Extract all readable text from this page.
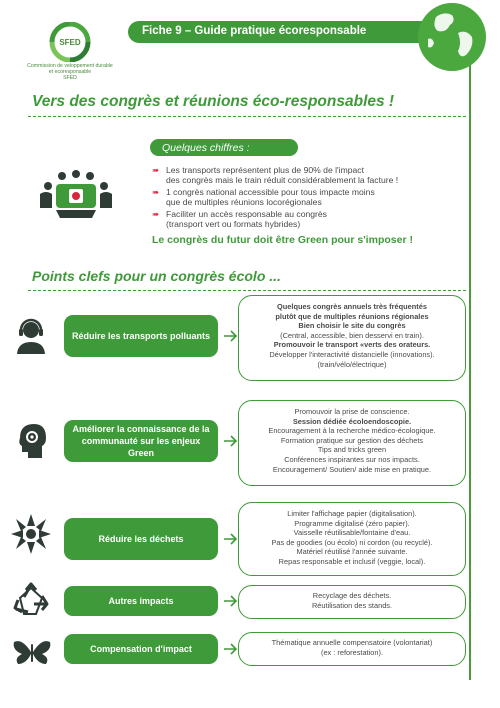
Fiche 9 – Guide pratique écoresponsable
SFED
Commission de veloppement durable
et ecoresponsable
SFED
Vers des congrès et réunions éco-responsables !
Quelques chiffres :
➠ Les transports représentent plus de 90% de l'impact
des congrès mais le train réduit considérablement la facture !
➠ 1 congrès national accessible pour tous impacte moins
que de multiples réunions locorégionales
➠ Faciliter un accès responsable au congrès
(transport vert ou formats hybrides)
Le congrès du futur doit être Green pour s'imposer !
Points clefs pour un congrès écolo ...
Réduire les transports polluants
Quelques congrès annuels très fréquentés
plutôt que de multiples réunions régionales
Bien choisir le site du congrès
(Central, accessible, bien desservi en train).
Promouvoir le transport «verts des orateurs.
Développer l'interactivité distancielle (innovations).
(train/vélo/électrique)
Améliorer la connaissance de la communauté sur les enjeux Green
Promouvoir la prise de conscience.
Session dédiée écoloendoscopie.
Encouragement à la recherche médico-écologique.
Formation pratique sur gestion des déchets
Tips and tricks green
Conférences inspirantes sur nos impacts.
Encouragement/ Soutien/ aide mise en pratique.
Réduire les déchets
Limiter l'affichage papier (digitalisation).
Programme digitalisé (zéro papier).
Vaisselle réutilisable/fontaine d'eau.
Pas de goodies (ou écolo) ni cordon (ou recyclé).
Matériel réutilisé l'année suivante.
Repas responsable et inclusif (veggie, local).
Autres impacts
Recyclage des déchets.
Réutilisation des stands.
Compensation d'impact
Thématique annuelle compensatoire (volontariat)
(ex : reforestation).
